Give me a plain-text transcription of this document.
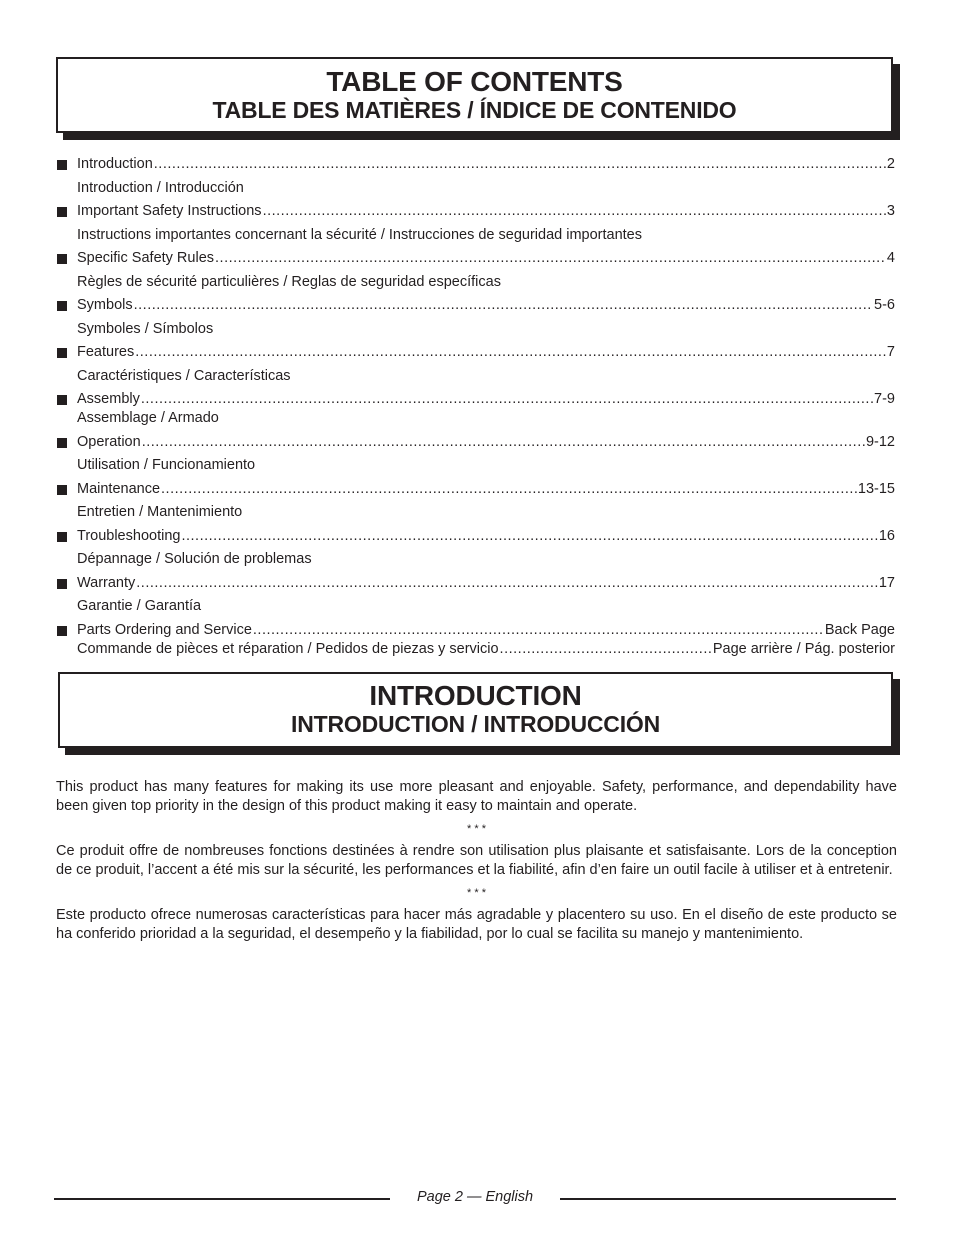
TABLE OF CONTENTS
TABLE DES MATIÈRES / ÍNDICE DE CONTENIDO
Introduction .....	2
Introduction / Introducción
Important Safety Instructions .....	3
Instructions importantes concernant la sécurité / Instrucciones de seguridad importantes
Specific Safety Rules .....	4
Règles de sécurité particulières / Reglas de seguridad específicas
Symbols .....	5-6
Symboles / Símbolos
Features .....	7
Caractéristiques / Características
Assembly .....	7-9
Assemblage / Armado
Operation .....	9-12
Utilisation / Funcionamiento
Maintenance .....	13-15
Entretien / Mantenimiento
Troubleshooting .....	16
Dépannage / Solución de problemas
Warranty .....	17
Garantie / Garantía
Parts Ordering and Service .....	Back Page
Commande de pièces et réparation / Pedidos de piezas y servicio .....	Page arrière / Pág. posterior
INTRODUCTION
INTRODUCTION / INTRODUCCIÓN

This product has many features for making its use more pleasant and enjoyable. Safety, performance, and dependability have been given top priority in the design of this product making it easy to maintain and operate.

* * *

Ce produit offre de nombreuses fonctions destinées à rendre son utilisation plus plaisante et satisfaisante. Lors de la conception de ce produit, l’accent a été mis sur la sécurité, les performances et la fiabilité, afin d’en faire un outil facile à utiliser et à entretenir.

* * *

Este producto ofrece numerosas características para hacer más agradable y placentero su uso. En el diseño de este producto se ha conferido prioridad a la seguridad, el desempeño y la fiabilidad, por lo cual se facilita su manejo y mantenimiento.

Page 2 — English
